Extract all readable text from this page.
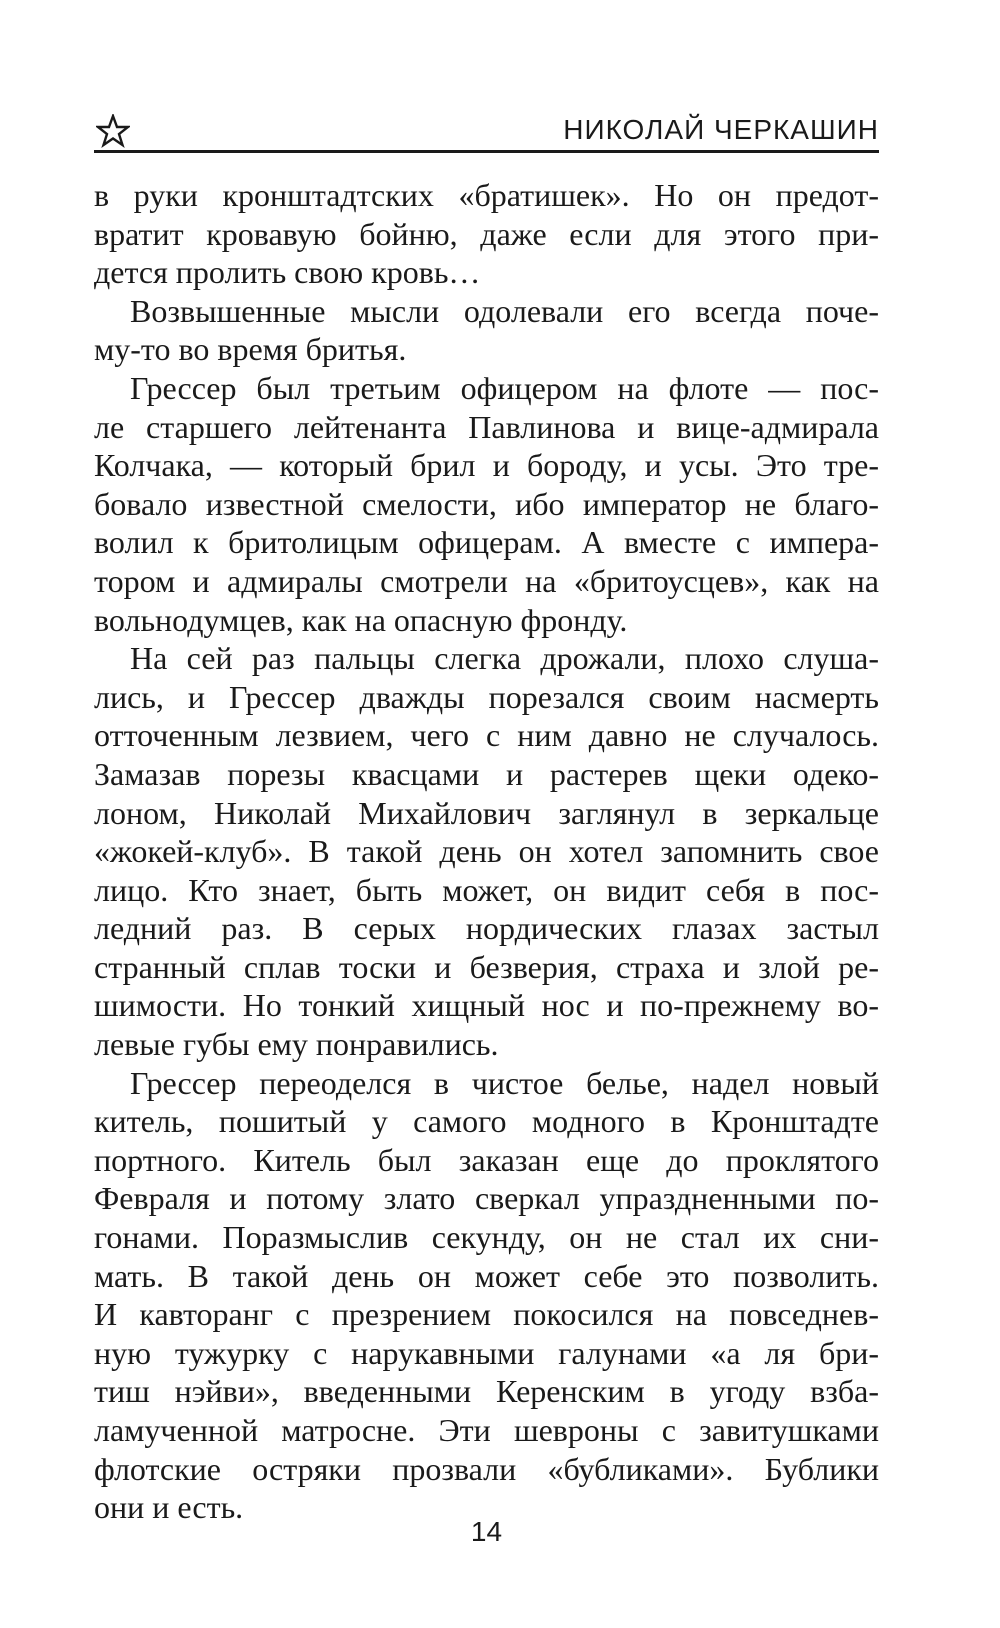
НИКОЛАЙ ЧЕРКАШИН
в руки кронштадтских «братишек». Но он предот-
вратит кровавую бойню, даже если для этого при-
дется пролить свою кровь…
Возвышенные мысли одолевали его всегда поче-
му-то во время бритья.
Грессер был третьим офицером на флоте — пос-
ле старшего лейтенанта Павлинова и вице-адмирала
Колчака, — который брил и бороду, и усы. Это тре-
бовало известной смелости, ибо император не благо-
волил к бритолицым офицерам. А вместе с импера-
тором и адмиралы смотрели на «бритоусцев», как на
вольнодумцев, как на опасную фронду.
На сей раз пальцы слегка дрожали, плохо слуша-
лись, и Грессер дважды порезался своим насмерть
отточенным лезвием, чего с ним давно не случалось.
Замазав порезы квасцами и растерев щеки одеко-
лоном, Николай Михайлович заглянул в зеркальце
«жокей-клуб». В такой день он хотел запомнить свое
лицо. Кто знает, быть может, он видит себя в пос-
ледний раз. В серых нордических глазах застыл
странный сплав тоски и безверия, страха и злой ре-
шимости. Но тонкий хищный нос и по-прежнему во-
левые губы ему понравились.
Грессер переоделся в чистое белье, надел новый
китель, пошитый у самого модного в Кронштадте
портного. Китель был заказан еще до проклятого
Февраля и потому злато сверкал упраздненными по-
гонами. Поразмыслив секунду, он не стал их сни-
мать. В такой день он может себе это позволить.
И кавторанг с презрением покосился на повседнев-
ную тужурку с нарукавными галунами «а ля бри-
тиш нэйви», введенными Керенским в угоду взба-
ламученной матросне. Эти шевроны с завитушками
флотские остряки прозвали «бубликами». Бублики
они и есть.
14
